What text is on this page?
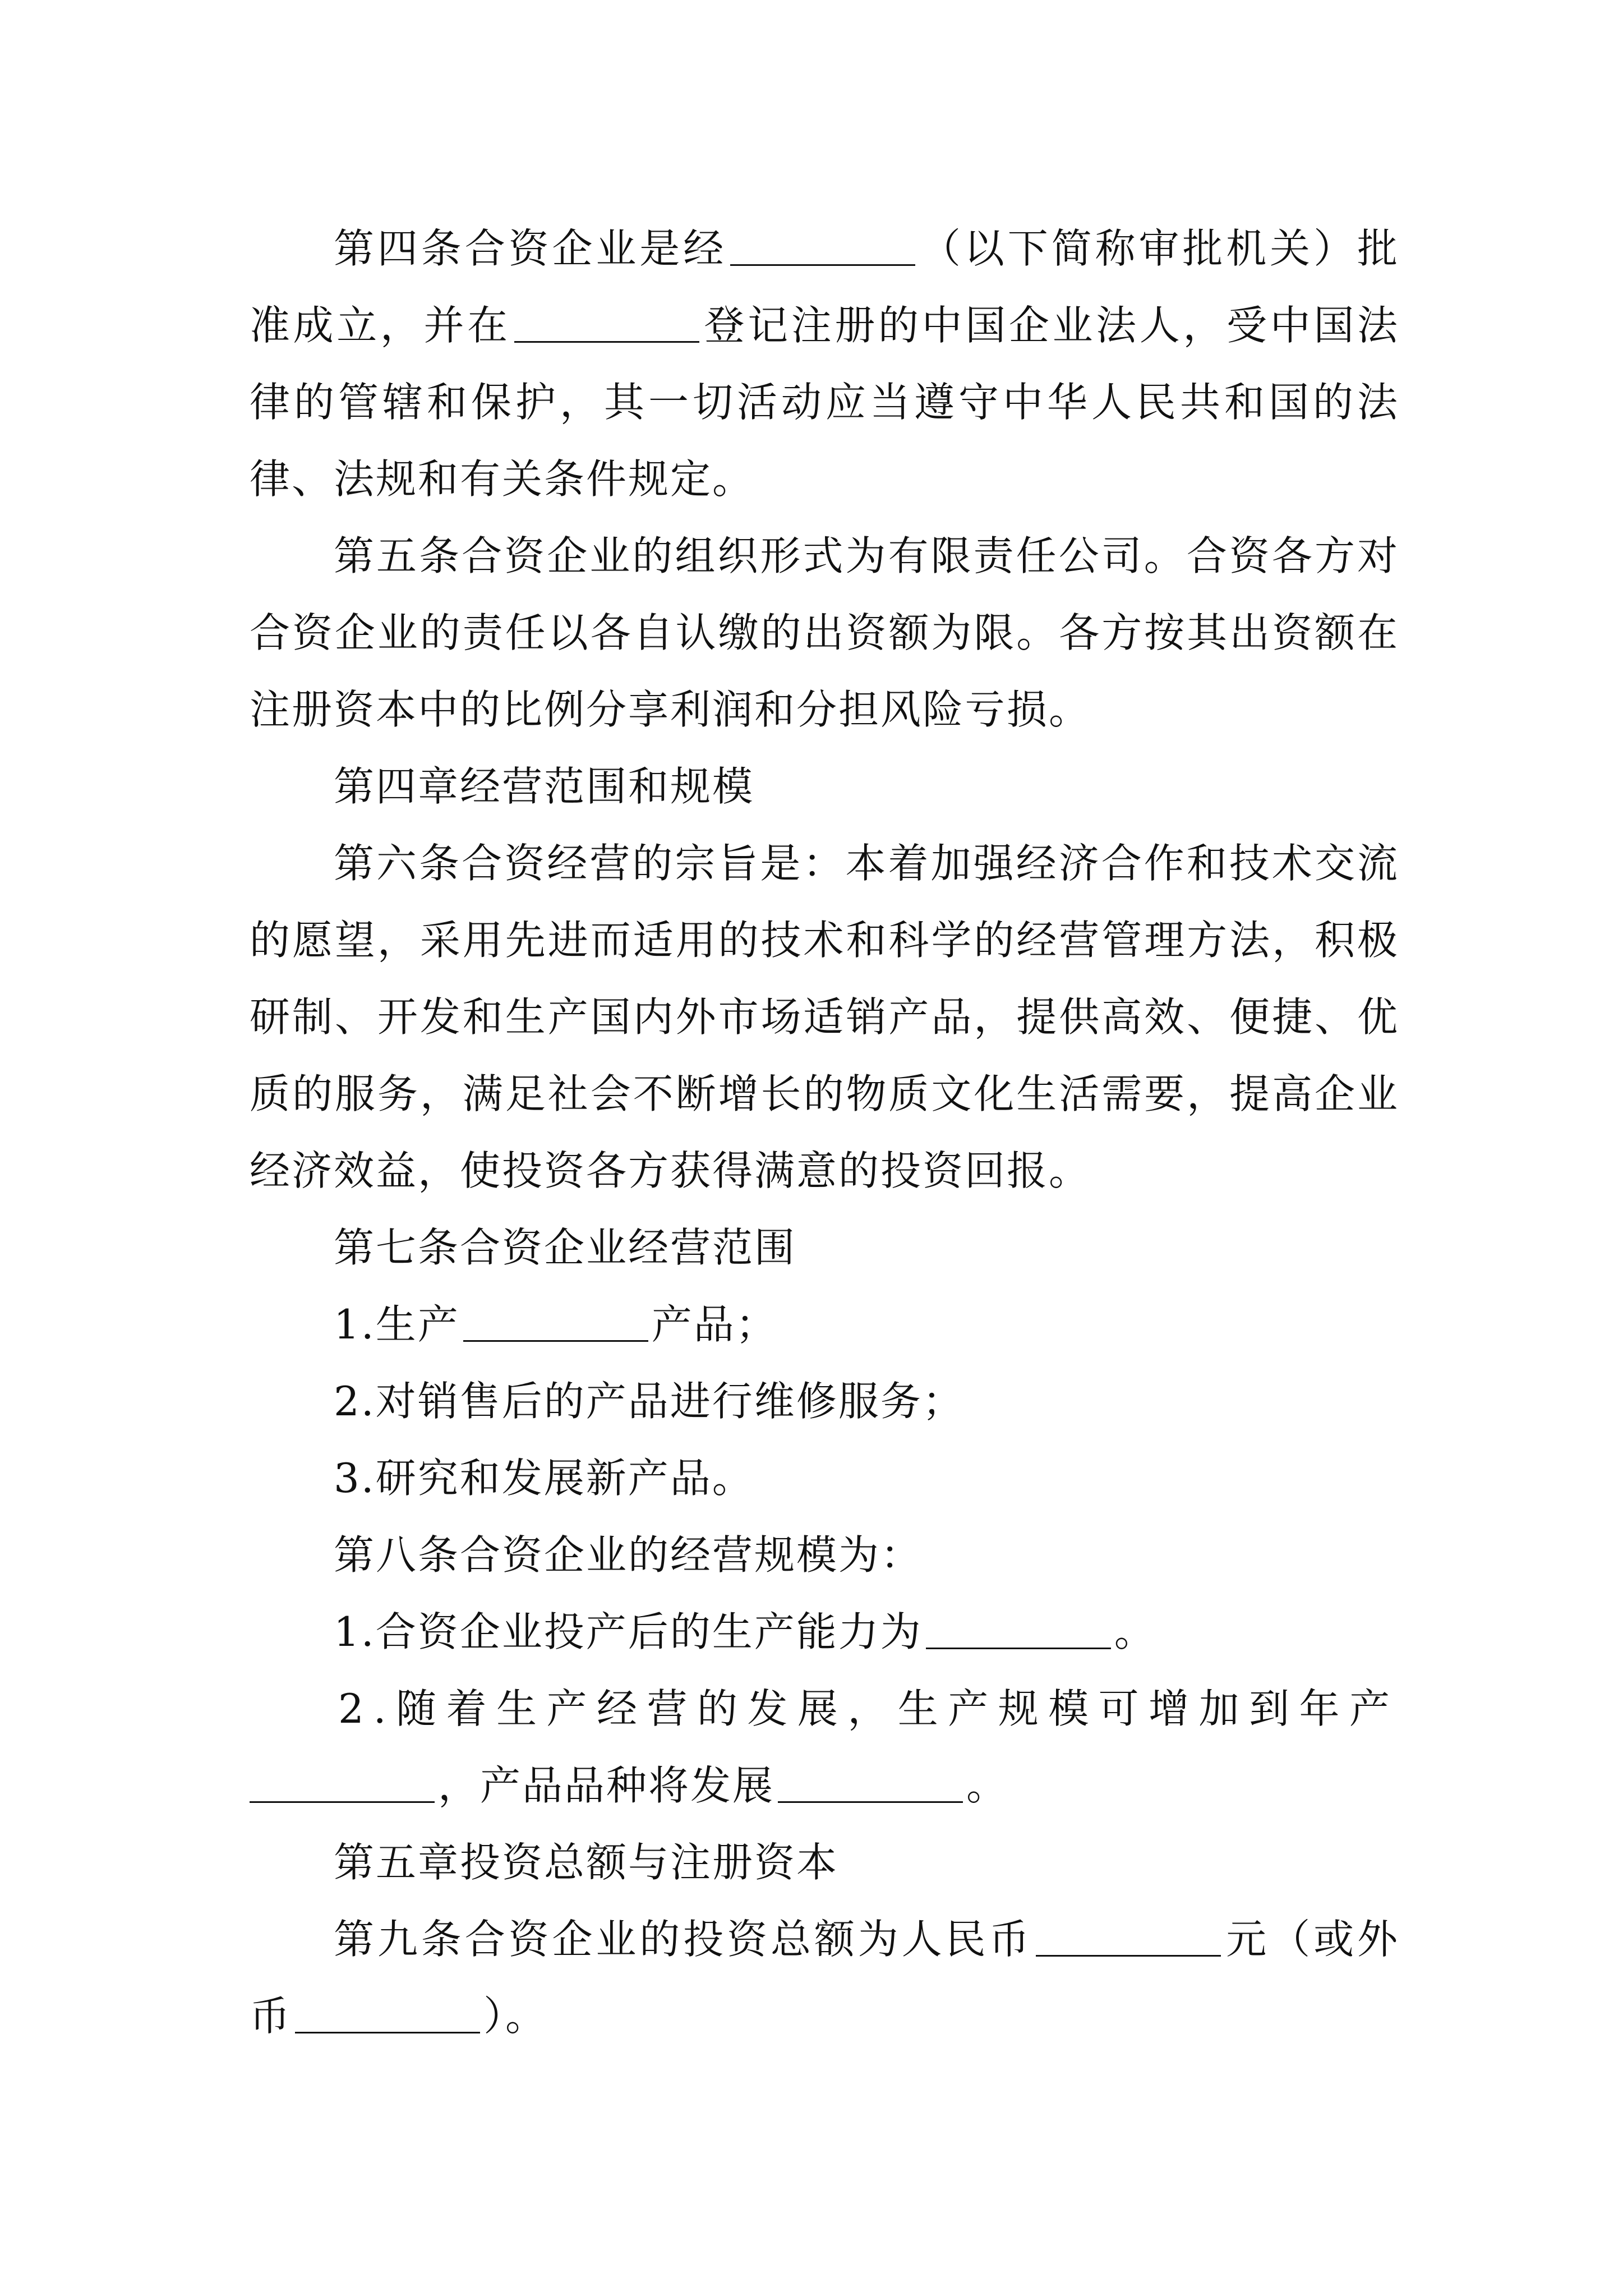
第四条合资企业是经	（以下简称审批机关）批准成立，并在	登记注册的中国企业法人，受中国法律的管辖和保护，其一切活动应当遵守中华人民共和国的法律、法规和有关条件规定。

第五条合资企业的组织形式为有限责任公司。合资各方对合资企业的责任以各自认缴的出资额为限。各方按其出资额在注册资本中的比例分享利润和分担风险亏损。

第四章经营范围和规模

第六条合资经营的宗旨是：本着加强经济合作和技术交流的愿望，采用先进而适用的技术和科学的经营管理方法，积极研制、开发和生产国内外市场适销产品，提供高效、便捷、优质的服务，满足社会不断增长的物质文化生活需要，提高企业经济效益，使投资各方获得满意的投资回报。

第七条合资企业经营范围

1.生产	产品；

2.对销售后的产品进行维修服务；

3.研究和发展新产品。

第八条合资企业的经营规模为：

1.合资企业投产后的生产能力为	。

2.随着生产经营的发展，生产规模可增加到年产，产品品种将发展	。

第五章投资总额与注册资本

第九条合资企业的投资总额为人民币	元（或外币	）。
